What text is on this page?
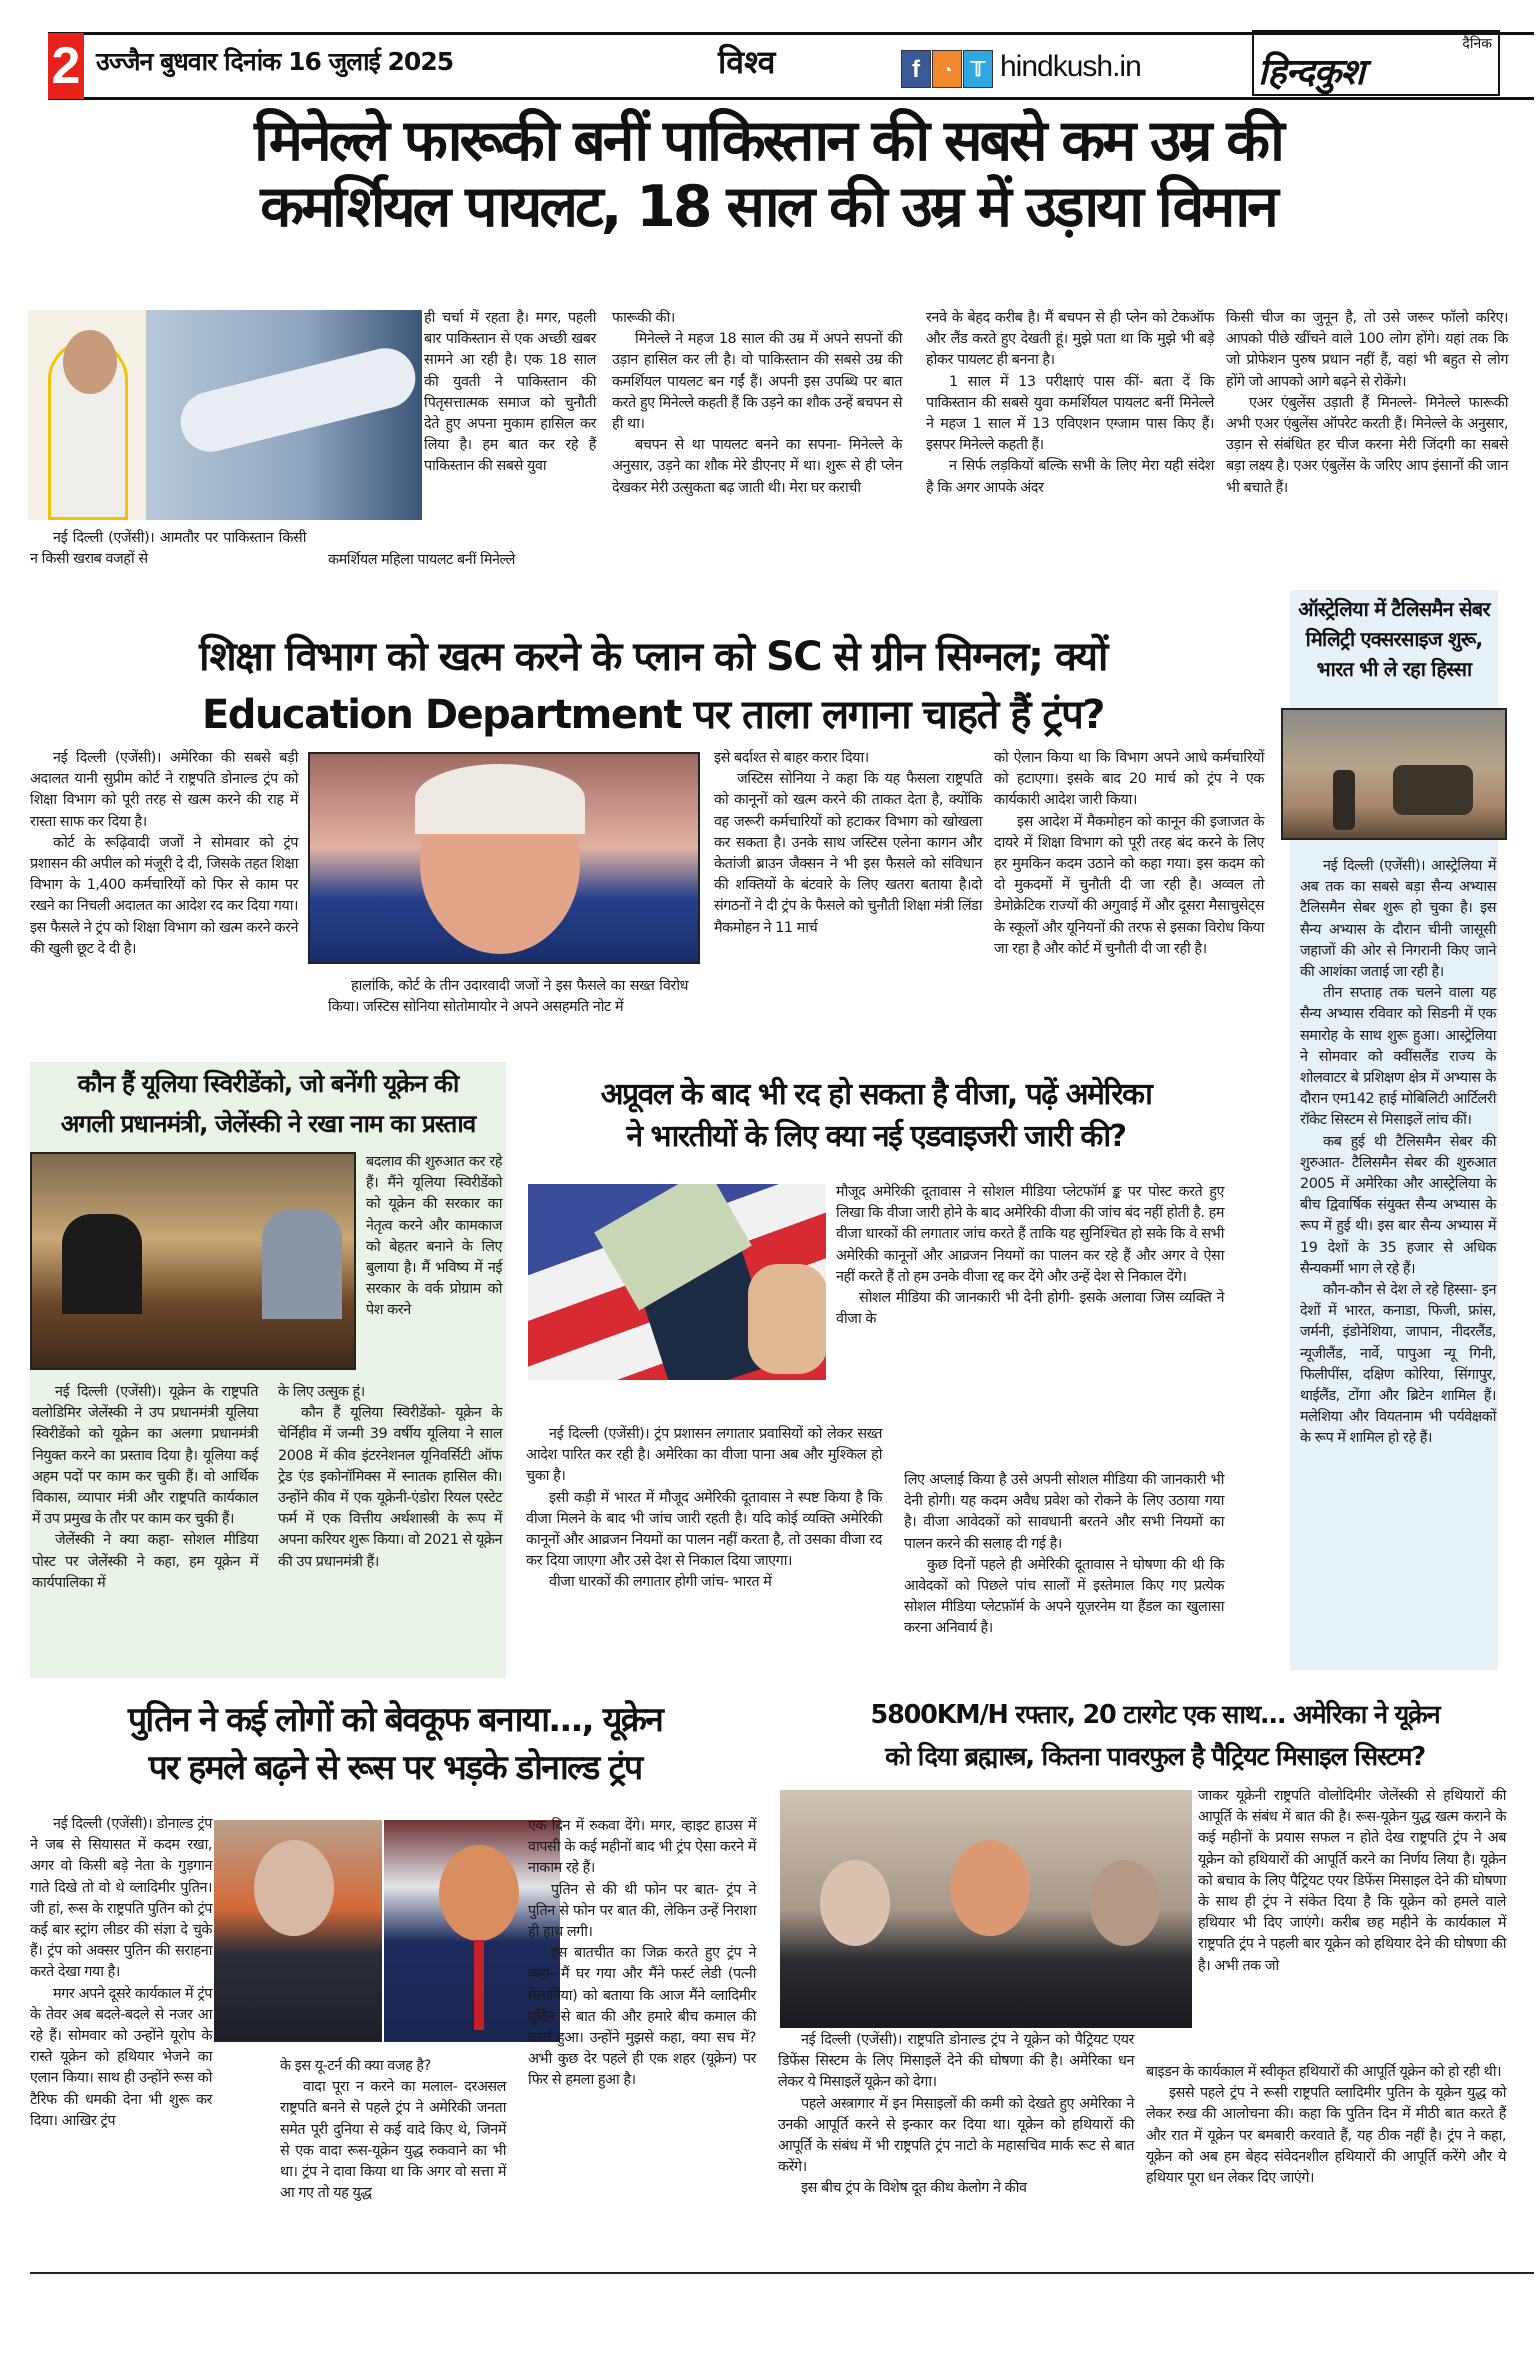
2 उज्जैन बुधवार दिनांक 16 जुलाई 2025	विश्व	f	◔ 𝕋 hindkush.in
दैनिक
हिन्दकुश
मिनेल्ले फारूकी बनीं पाकिस्तान की सबसे कम उम्र की
कमर्शियल पायलट, 18 साल की उम्र में उड़ाया विमान

नई दिल्ली (एजेंसी)। आमतौर पर पाकिस्तान किसी न किसी खराब वजहों से

ही चर्चा में रहता है। मगर, पहली बार पाकिस्तान से एक अच्छी खबर सामने आ रही है। एक 18 साल की युवती ने पाकिस्तान की पितृसत्तात्मक समाज को चुनौती देते हुए अपना मुकाम हासिल कर लिया है। हम बात कर रहे हैं पाकिस्तान की सबसे युवा

कमर्शियल महिला पायलट बनीं मिनेल्ले

फारूकी की।

मिनेल्ले ने महज 18 साल की उम्र में अपने सपनों की उड़ान हासिल कर ली है। वो पाकिस्तान की सबसे उम्र की कमर्शियल पायलट बन गईं हैं। अपनी इस उपब्धि पर बात करते हुए मिनेल्ले कहती हैं कि उड़ने का शौक उन्हें बचपन से ही था।

बचपन से था पायलट बनने का सपना- मिनेल्ले के अनुसार, उड़ने का शौक मेरे डीएनए में था। शुरू से ही प्लेन देखकर मेरी उत्सुकता बढ़ जाती थी। मेरा घर कराची

रनवे के बेहद करीब है। मैं बचपन से ही प्लेन को टेकऑफ और लैंड करते हुए देखती हूं। मुझे पता था कि मुझे भी बड़े होकर पायलट ही बनना है।

1 साल में 13 परीक्षाएं पास कीं- बता दें कि पाकिस्तान की सबसे युवा कमर्शियल पायलट बनीं मिनेल्ले ने महज 1 साल में 13 एविएशन एग्जाम पास किए हैं। इसपर मिनेल्ले कहती हैं।

न सिर्फ लड़कियों बल्कि सभी के लिए मेरा यही संदेश है कि अगर आपके अंदर

किसी चीज का जुनून है, तो उसे जरूर फॉलो करिए। आपको पीछे खींचने वाले 100 लोग होंगे। यहां तक कि जो प्रोफेशन पुरुष प्रधान नहीं हैं, वहां भी बहुत से लोग होंगे जो आपको आगे बढ़ने से रोकेंगे।

एअर एंबुलेंस उड़ाती हैं मिनल्ले- मिनेल्ले फारूकी अभी एअर एंबुलेंस ऑपरेट करती हैं। मिनेल्ले के अनुसार, उड़ान से संबंधित हर चीज करना मेरी जिंदगी का सबसे बड़ा लक्ष्य है। एअर एंबुलेंस के जरिए आप इंसानों की जान भी बचाते हैं।

शिक्षा विभाग को खत्म करने के प्लान को SC से ग्रीन सिग्नल; क्यों
Education Department पर ताला लगाना चाहते हैं ट्रंप?

नई दिल्ली (एजेंसी)। अमेरिका की सबसे बड़ी अदालत यानी सुप्रीम कोर्ट ने राष्ट्रपति डोनाल्ड ट्रंप को शिक्षा विभाग को पूरी तरह से खत्म करने की राह में रास्ता साफ कर दिया है।

कोर्ट के रूढ़िवादी जजों ने सोमवार को ट्रंप प्रशासन की अपील को मंजूरी दे दी, जिसके तहत शिक्षा विभाग के 1,400 कर्मचारियों को फिर से काम पर रखने का निचली अदालत का आदेश रद कर दिया गया। इस फैसले ने ट्रंप को शिक्षा विभाग को खत्म करने करने की खुली छूट दे दी है।

हालांकि, कोर्ट के तीन उदारवादी जजों ने इस फैसले का सख्त विरोध किया। जस्टिस सोनिया सोतोमायोर ने अपने असहमति नोट में

इसे बर्दाश्त से बाहर करार दिया।

जस्टिस सोनिया ने कहा कि यह फैसला राष्ट्रपति को कानूनों को खत्म करने की ताकत देता है, क्योंकि वह जरूरी कर्मचारियों को हटाकर विभाग को खोखला कर सकता है। उनके साथ जस्टिस एलेना कागन और केतांजी ब्राउन जैक्सन ने भी इस फैसले को संविधान की शक्तियों के बंटवारे के लिए खतरा बताया है।दो संगठनों ने दी ट्रंप के फैसले को चुनौती शिक्षा मंत्री लिंडा मैकमोहन ने 11 मार्च

को ऐलान किया था कि विभाग अपने आधे कर्मचारियों को हटाएगा। इसके बाद 20 मार्च को ट्रंप ने एक कार्यकारी आदेश जारी किया।

इस आदेश में मैकमोहन को कानून की इजाजत के दायरे में शिक्षा विभाग को पूरी तरह बंद करने के लिए हर मुमकिन कदम उठाने को कहा गया। इस कदम को दो मुकदमों में चुनौती दी जा रही है। अव्वल तो डेमोक्रेटिक राज्यों की अगुवाई में और दूसरा मैसाचुसेट्स के स्कूलों और यूनियनों की तरफ से इसका विरोध किया जा रहा है और कोर्ट में चुनौती दी जा रही है।

ऑस्ट्रेलिया में टैलिसमैन सेबर मिलिट्री एक्सरसाइज शुरू, भारत भी ले रहा हिस्सा

नई दिल्ली (एजेंसी)। आस्ट्रेलिया में अब तक का सबसे बड़ा सैन्य अभ्यास टैलिसमैन सेबर शुरू हो चुका है। इस सैन्य अभ्यास के दौरान चीनी जासूसी जहाजों की ओर से निगरानी किए जाने की आशंका जताई जा रही है।

तीन सप्ताह तक चलने वाला यह सैन्य अभ्यास रविवार को सिडनी में एक समारोह के साथ शुरू हुआ। आस्ट्रेलिया ने सोमवार को क्वींसलैंड राज्य के शोलवाटर बे प्रशिक्षण क्षेत्र में अभ्यास के दौरान एम142 हाई मोबिलिटी आर्टिलरी रॉकेट सिस्टम से मिसाइलें लांच कीं।

कब हुई थी टैलिसमैन सेबर की शुरुआत- टैलिसमैन सेबर की शुरुआत 2005 में अमेरिका और आस्ट्रेलिया के बीच द्विवार्षिक संयुक्त सैन्य अभ्यास के रूप में हुई थी। इस बार सैन्य अभ्यास में 19 देशों के 35 हजार से अधिक सैन्यकर्मी भाग ले रहे हैं।

कौन-कौन से देश ले रहे हिस्सा- इन देशों में भारत, कनाडा, फिजी, फ्रांस, जर्मनी, इंडोनेशिया, जापान, नीदरलैंड, न्यूजीलैंड, नार्वे, पापुआ न्यू गिनी, फिलीपींस, दक्षिण कोरिया, सिंगापुर, थाईलैंड, टोंगा और ब्रिटेन शामिल हैं। मलेशिया और वियतनाम भी पर्यवेक्षकों के रूप में शामिल हो रहे हैं।

कौन हैं यूलिया स्विरीडेंको, जो बनेंगी यूक्रेन की
अगली प्रधानमंत्री, जेलेंस्की ने रखा नाम का प्रस्ताव

बदलाव की शुरुआत कर रहे हैं। मैंने यूलिया स्विरीडेंको को यूक्रेन की सरकार का नेतृत्व करने और कामकाज को बेहतर बनाने के लिए बुलाया है। मैं भविष्य में नई सरकार के वर्क प्रोग्राम को पेश करने

नई दिल्ली (एजेंसी)। यूक्रेन के राष्ट्रपति वलोडिमिर जेलेंस्की ने उप प्रधानमंत्री यूलिया स्विरीडेंको को यूक्रेन का अलगा प्रधानमंत्री नियुक्त करने का प्रस्ताव दिया है। यूलिया कई अहम पदों पर काम कर चुकी हैं। वो आर्थिक विकास, व्यापार मंत्री और राष्ट्रपति कार्यकाल में उप प्रमुख के तौर पर काम कर चुकी हैं।

जेलेंस्की ने क्या कहा- सोशल मीडिया पोस्ट पर जेलेंस्की ने कहा, हम यूक्रेन में कार्यपालिका में

के लिए उत्सुक हूं।

कौन हैं यूलिया स्विरीडेंको- यूक्रेन के चेर्निहीव में जन्मी 39 वर्षीय यूलिया ने साल 2008 में कीव इंटरनेशनल यूनिवर्सिटी ऑफ ट्रेड एंड इकोनॉमिक्स में स्नातक हासिल की। उन्होंने कीव में एक यूक्रेनी-एंडोरा रियल एस्टेट फर्म में एक वित्तीय अर्थशास्त्री के रूप में अपना करियर शुरू किया। वो 2021 से यूक्रेन की उप प्रधानमंत्री हैं।

अप्रूवल के बाद भी रद हो सकता है वीजा, पढ़ें अमेरिका
ने भारतीयों के लिए क्या नई एडवाइजरी जारी की?

मौजूद अमेरिकी दूतावास ने सोशल मीडिया प्लेटफॉर्म ङ्क पर पोस्ट करते हुए लिखा कि वीजा जारी होने के बाद अमेरिकी वीजा की जांच बंद नहीं होती है. हम वीजा धारकों की लगातार जांच करते हैं ताकि यह सुनिश्चित हो सके कि वे सभी अमेरिकी कानूनों और आव्रजन नियमों का पालन कर रहे हैं और अगर वे ऐसा नहीं करते हैं तो हम उनके वीजा रद्द कर देंगे और उन्हें देश से निकाल देंगे।

सोशल मीडिया की जानकारी भी देनी होगी- इसके अलावा जिस व्यक्ति ने वीजा के

नई दिल्ली (एजेंसी)। ट्रंप प्रशासन लगातार प्रवासियों को लेकर सख्त आदेश पारित कर रही है। अमेरिका का वीजा पाना अब और मुश्किल हो चुका है।

इसी कड़ी में भारत में मौजूद अमेरिकी दूतावास ने स्पष्ट किया है कि वीजा मिलने के बाद भी जांच जारी रहती है। यदि कोई व्यक्ति अमेरिकी कानूनों और आव्रजन नियमों का पालन नहीं करता है, तो उसका वीजा रद कर दिया जाएगा और उसे देश से निकाल दिया जाएगा।

वीजा धारकों की लगातार होगी जांच- भारत में

लिए अप्लाई किया है उसे अपनी सोशल मीडिया की जानकारी भी देनी होगी। यह कदम अवैध प्रवेश को रोकने के लिए उठाया गया है। वीजा आवेदकों को सावधानी बरतने और सभी नियमों का पालन करने की सलाह दी गई है।

कुछ दिनों पहले ही अमेरिकी दूतावास ने घोषणा की थी कि आवेदकों को पिछले पांच सालों में इस्तेमाल किए गए प्रत्येक सोशल मीडिया प्लेटफ़ॉर्म के अपने यूज़रनेम या हैंडल का खुलासा करना अनिवार्य है।

पुतिन ने कई लोगों को बेवकूफ बनाया..., यूक्रेन
पर हमले बढ़ने से रूस पर भड़के डोनाल्ड ट्रंप

नई दिल्ली (एजेंसी)। डोनाल्ड ट्रंप ने जब से सियासत में कदम रखा, अगर वो किसी बड़े नेता के गुड़गान गाते दिखे तो वो थे व्लादिमीर पुतिन। जी हां, रूस के राष्ट्रपति पुतिन को ट्रंप कई बार स्ट्रांग लीडर की संज्ञा दे चुके हैं। ट्रंप को अक्सर पुतिन की सराहना करते देखा गया है।

मगर अपने दूसरे कार्यकाल में ट्रंप के तेवर अब बदले-बदले से नजर आ रहे हैं। सोमवार को उन्होंने यूरोप के रास्ते यूक्रेन को हथियार भेजने का एलान किया। साथ ही उन्होंने रूस को टैरिफ की धमकी देना भी शुरू कर दिया। आखिर ट्रंप

के इस यू-टर्न की क्या वजह है?

वादा पूरा न करने का मलाल- दरअसल राष्ट्रपति बनने से पहले ट्रंप ने अमेरिकी जनता समेत पूरी दुनिया से कई वादे किए थे, जिनमें से एक वादा रूस-यूक्रेन युद्ध रुकवाने का भी था। ट्रंप ने दावा किया था कि अगर वो सत्ता में आ गए तो यह युद्ध

एक दिन में रुकवा देंगे। मगर, व्हाइट हाउस में वापसी के कई महीनों बाद भी ट्रंप ऐसा करने में नाकाम रहे हैं।

पुतिन से की थी फोन पर बात- ट्रंप ने पुतिन से फोन पर बात की, लेकिन उन्हें निराशा ही हाथ लगी।

इस बातचीत का जिक्र करते हुए ट्रंप ने कहा- मैं घर गया और मैंने फर्स्ट लेडी (पत्नी मेलानिया) को बताया कि आज मैंने व्लादिमीर पुतिन से बात की और हमारे बीच कमाल की वार्ता हुआ। उन्होंने मुझसे कहा, क्या सच में? अभी कुछ देर पहले ही एक शहर (यूक्रेन) पर फिर से हमला हुआ है।

5800KM/H रफ्तार, 20 टारगेट एक साथ... अमेरिका ने यूक्रेन
को दिया ब्रह्मास्त्र, कितना पावरफुल है पैट्रियट मिसाइल सिस्टम?

नई दिल्ली (एजेंसी)। राष्ट्रपति डोनाल्ड ट्रंप ने यूक्रेन को पैट्रियट एयर डिफेंस सिस्टम के लिए मिसाइलें देने की घोषणा की है। अमेरिका धन लेकर ये मिसाइलें यूक्रेन को देगा।

पहले अस्त्रागार में इन मिसाइलों की कमी को देखते हुए अमेरिका ने उनकी आपूर्ति करने से इन्कार कर दिया था। यूक्रेन को हथियारों की आपूर्ति के संबंध में भी राष्ट्रपति ट्रंप नाटो के महासचिव मार्क रूट से बात करेंगे।

इस बीच ट्रंप के विशेष दूत कीथ केलोग ने कीव

जाकर यूक्रेनी राष्ट्रपति वोलोदिमीर जेलेंस्की से हथियारों की आपूर्ति के संबंध में बात की है। रूस-यूक्रेन युद्ध खत्म कराने के कई महीनों के प्रयास सफल न होते देख राष्ट्रपति ट्रंप ने अब यूक्रेन को हथियारों की आपूर्ति करने का निर्णय लिया है। यूक्रेन को बचाव के लिए पैट्रियट एयर डिफेंस मिसाइल देने की घोषणा के साथ ही ट्रंप ने संकेत दिया है कि यूक्रेन को हमले वाले हथियार भी दिए जाएंगे। करीब छह महीने के कार्यकाल में राष्ट्रपति ट्रंप ने पहली बार यूक्रेन को हथियार देने की घोषणा की है। अभी तक जो

बाइडन के कार्यकाल में स्वीकृत हथियारों की आपूर्ति यूक्रेन को हो रही थी।

इससे पहले ट्रंप ने रूसी राष्ट्रपति व्लादिमीर पुतिन के यूक्रेन युद्ध को लेकर रुख की आलोचना की। कहा कि पुतिन दिन में मीठी बात करते हैं और रात में यूक्रेन पर बमबारी करवाते हैं, यह ठीक नहीं है। ट्रंप ने कहा, यूक्रेन को अब हम बेहद संवेदनशील हथियारों की आपूर्ति करेंगे और ये हथियार पूरा धन लेकर दिए जाएंगे।
